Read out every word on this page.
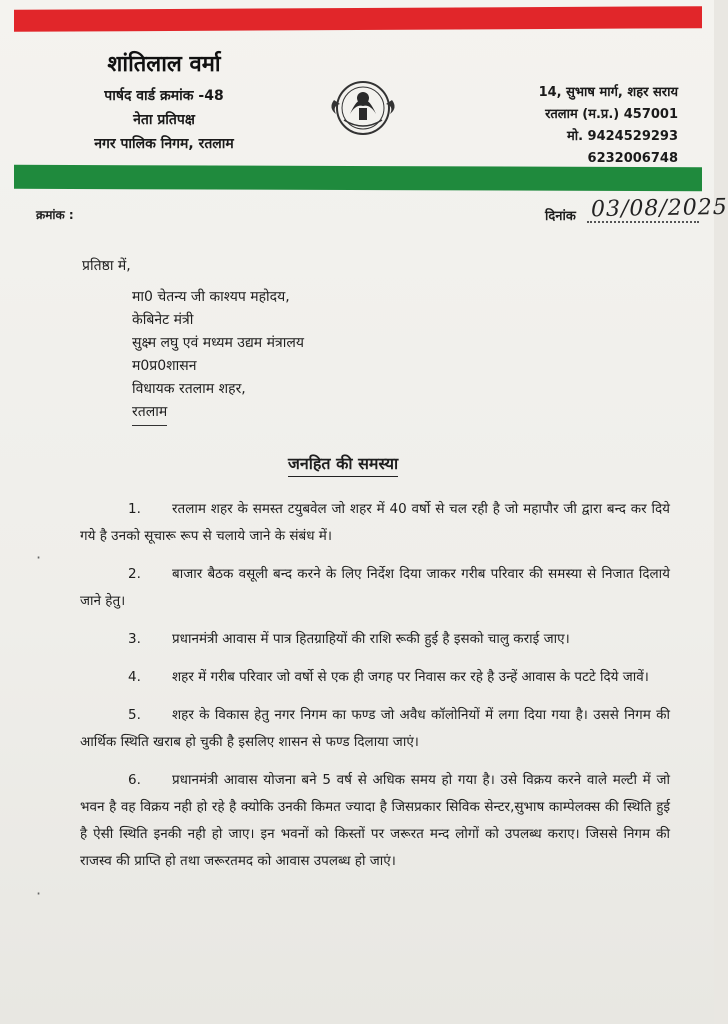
शांतिलाल वर्मा
पार्षद वार्ड क्रमांक -48
नेता प्रतिपक्ष
नगर पालिक निगम, रतलाम
14, सुभाष मार्ग, शहर सराय
रतलाम (म.प्र.) 457001
मो. 9424529293
6232006748
क्रमांक :	दिनांक 03/08/2025
प्रतिष्ठा में,
मा0 चेतन्य जी काश्यप महोदय,
केबिनेट मंत्री
सुक्ष्म लघु एवं मध्यम उद्यम मंत्रालय
म0प्र0शासन
विधायक रतलाम शहर,
रतलाम
जनहित की समस्या
1. रतलाम शहर के समस्त टयुबवेल जो शहर में 40 वर्षो से चल रही है जो महापौर जी द्वारा बन्द कर दिये गये है उनको सूचारू रूप से चलाये जाने के संबंध में।
2. बाजार बैठक वसूली बन्द करने के लिए निर्देश दिया जाकर गरीब परिवार की समस्या से निजात दिलाये जाने हेतु।
3. प्रधानमंत्री आवास में पात्र हितग्राहियों की राशि रूकी हुई है इसको चालु कराई जाए।
4. शहर में गरीब परिवार जो वर्षो से एक ही जगह पर निवास कर रहे है उन्हें आवास के पटटे दिये जावें।
5. शहर के विकास हेतु नगर निगम का फण्ड जो अवैध कॉलोनियों में लगा दिया गया है। उससे निगम की आर्थिक स्थिति खराब हो चुकी है इसलिए शासन से फण्ड दिलाया जाएं।
6. प्रधानमंत्री आवास योजना बने 5 वर्ष से अधिक समय हो गया है। उसे विक्रय करने वाले मल्टी में जो भवन है वह विक्रय नही हो रहे है क्योकि उनकी किमत ज्यादा है जिसप्रकार सिविक सेन्टर,सुभाष काम्पेलक्स की स्थिति हुई है ऐसी स्थिति इनकी नही हो जाए। इन भवनों को किस्तों पर जरूरत मन्द लोगों को उपलब्ध कराए। जिससे निगम की राजस्व की प्राप्ति हो तथा जरूरतमद को आवास उपलब्ध हो जाएं।
·
·
